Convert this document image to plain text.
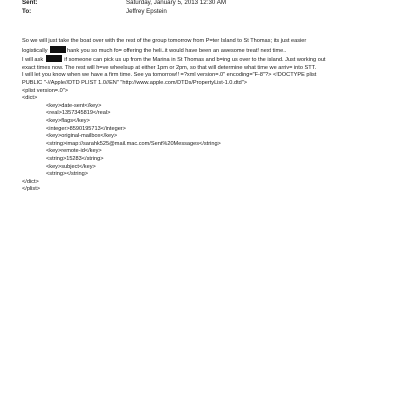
Sent:	Saturday, January 5, 2013 12:30 AM
To:	Jeffrey Epstein
So we will just take the boat over with the rest of the group tomorrow from P=ter Island to St Thomas; its just easier
logistically	hank you so much fo= offering the heli..it would have been an awesome treat! next time..
I will ask	if someone can pick us up from the Marina in St Thomas and b=ing us over to the island. Just working out
exact times now. The rest will h=ve wheelsup at either 1pm or 2pm, so that will determine what time we arriv= into STT.
I will let you know when we have a firm time. See ya tomorrow!! =?xml version=.0" encoding="F-8"?> <!DOCTYPE plist
PUBLIC "-//Apple//DTD PLIST 1.0//EN" "http://www.apple.com/DTDs/PropertyList-1.0.dtd">
<plist version=.0">
<dict>
<key>date-sent</key>
<real>1357345819</real>
<key>flags</key>
<integer>8590195713</integer>
<key>original-mailbox</key>
<string>imap://sarahk525@mail.mac.com/Sent%20Messages</string>
<key>remote-id</key>
<string>15283</string>
<key>subject</key>
<string></string>
</dict>
</plist>
